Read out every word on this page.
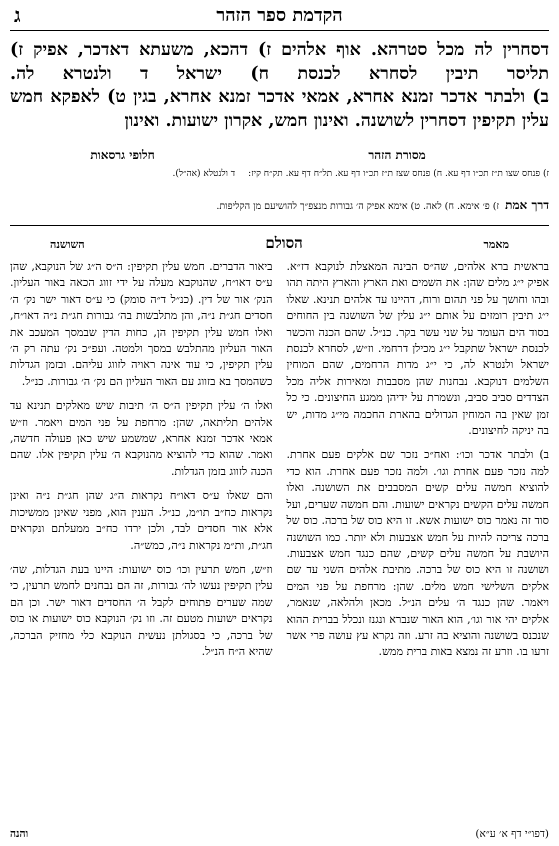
הקדמת ספר הזהר
ג

דסחרין לה מכל סטרהא. אוף אלהים ז) דהכא, משעתא דאדכר, אפיק ז) תליסר תיבין לסחרא לכנסת ח) ישראל ד ולנטרא לה.

ב) ולבתר אדכר זמנא אחרא, אמאי אדכר זמנא אחרא, בגין ט) לאפקא חמש עלין תקיפין דסחרין לשושנה. ואינון חמש, אקרון ישועות. ואינון

מסורת הזהר
ז) פנחס שצו ת״ז תכ״ו דף עא. ח) פנחס שצז ת״ז תכ״ו דף עא. תל״ח דף עא. תק״ח קיז:
חלופי גרסאות
ד ולנטלא (אה״ל).
דרך אמתז) פ׳ אימא. ח) לאה. ט) אימא אפיק ה׳ גבורות מנצפ״ך להושיעם מן הקליפות.
מאמר
הסולם
השושנה

בראשית ברא אלהים, שה״ס הבינה המאצלת לנוקבא דז״א. אפיק י״ג מלים שהן: את השמים ואת הארץ והארץ היתה תהו ובהו וחושך על פני תהום ורוח, דהיינו עד אלהים תנינא. שאלו י״ג תיבין רומזים על אותם י״ג עלין של השושנה בין החוחים בסוד הים העומד על שני עשר בקר. כנ״ל. שהם הכנה והכשר לכנסת ישראל שתקבל י״ג מכילן דרחמי. וז״ש, לסחרא לכנסת ישראל ולנטרא לה, כי י״ג מדות הרחמים, שהם המוחין השלמים דנוקבא. נבחנות שהן מסבבות ומאירות אליה מכל הצדדים סביב סביב, ונשמרת על ידיהן ממגע החיצונים. כי כל זמן שאין בה המוחין הגדולים בהארת החכמה מי״ג מדות, יש בה יניקה לחיצונים.

ב) ולבתר אדכר וכו׳: ואח״כ נזכר שם אלקים פעם אחרת. למה נזכר פעם אחרת וגו׳. ולמה נזכר פעם אחרת. הוא כדי להוציא חמשה עלים קשים המסבבים את השושנה. ואלו חמשה עלים הקשים נקראים ישועות. והם חמשה שערים, ועל סוד זה נאמר כוס ישועות אשא. זו היא כוס של ברכה. כוס של ברכה צריכה להיות על חמש אצבעות ולא יותר. כמו השושנה היושבת על חמשה עלים קשים, שהם כנגד חמש אצבעות. ושושנה זו היא כוס של ברכה. מתיבת אלהים השני עד שם אלקים השלישי חמש מלים. שהן: מרחפת על פני המים ויאמר. שהן כנגד ה׳ עלים הנ״ל. מכאן ולהלאה, שנאמר, אלקים יהי אור וגו׳, הוא האור שנברא ונגנז ונכלל בברית ההוא שנכנס בשושנה והוציא בה זרע. וזה נקרא עץ עושה פרי אשר זרעו בו. וזרע זה נמצא באות ברית ממש.

ביאור הדברים. חמש עלין תקיפין: ה״ס ה״ג של הנוקבא, שהן ע״ס דאו״ח, שהנוקבא מעלה על ידי זווג הכאה באור העליון. הנק׳ אור של דין. (כנ״ל ד״ה סומק) כי ע״ס דאור ישר נק׳ ה׳ חסדים חג״ת נ״ה, והן מתלבשות בה׳ גבורות חג״ת נ״ה דאו״ח, ואלו חמש עלין תקיפין הן, כחות הדין שבמסך המעכב את האור העליון מהתלבש במסך ולמטה. ועפ״כ נק׳ עתה רק ה׳ עלין תקיפין, כי עוד אינה ראויה לזווג עליהם. ובזמן הגדלות כשהמסך בא בזווג עם האור העליון הם נק׳ ה׳ גבורות. כנ״ל.

ואלו ה׳ עלין תקיפין ה״ס ה׳ תיבות שיש מאלקים תנינא עד אלהים תליתאה, שהן: מרחפת על פני המים ויאמר. וז״ש אמאי אדכר זמנא אחרא, שמשמע שיש כאן פעולה חדשה, ואמר. שהוא כדי להוציא מהנוקבא ה׳ עלין תקיפין אלו. שהם הכנה לזווג בזמן הגדלות.

והם שאלו ע״ס דאו״ח נקראות ה״ג שהן חג״ת נ״ה ואינן נקראות כח״ב תו״מ, כנ״ל. הענין הוא, מפני שאינן ממשיכות אלא אור חסדים לבד, ולכן ירדו כח״ב ממעלתם ונקראים חג״ת, ות״מ נקראות נ״ה, כמש״ה.

וז״ש, חמש תרעין וכו׳ כוס ישועות: היינו בעת הגדלות, שה׳ עלין תקיפין נעשו לה׳ גבורות, זה הם נבחנים לחמש תרעין, כי שמה שערים פתוחים לקבל ה׳ החסדים דאור ישר. וכן הם נקראים ישועות מטעם זה. וזו נק׳ הנוקבא כוס ישועות או כוס של ברכה, כי בסגולתן נעשית הנוקבא כלי מחזיק הברכה, שהיא ה״ח הנ״ל.

(דפו״י דף א׳ ע״א)
והנה
